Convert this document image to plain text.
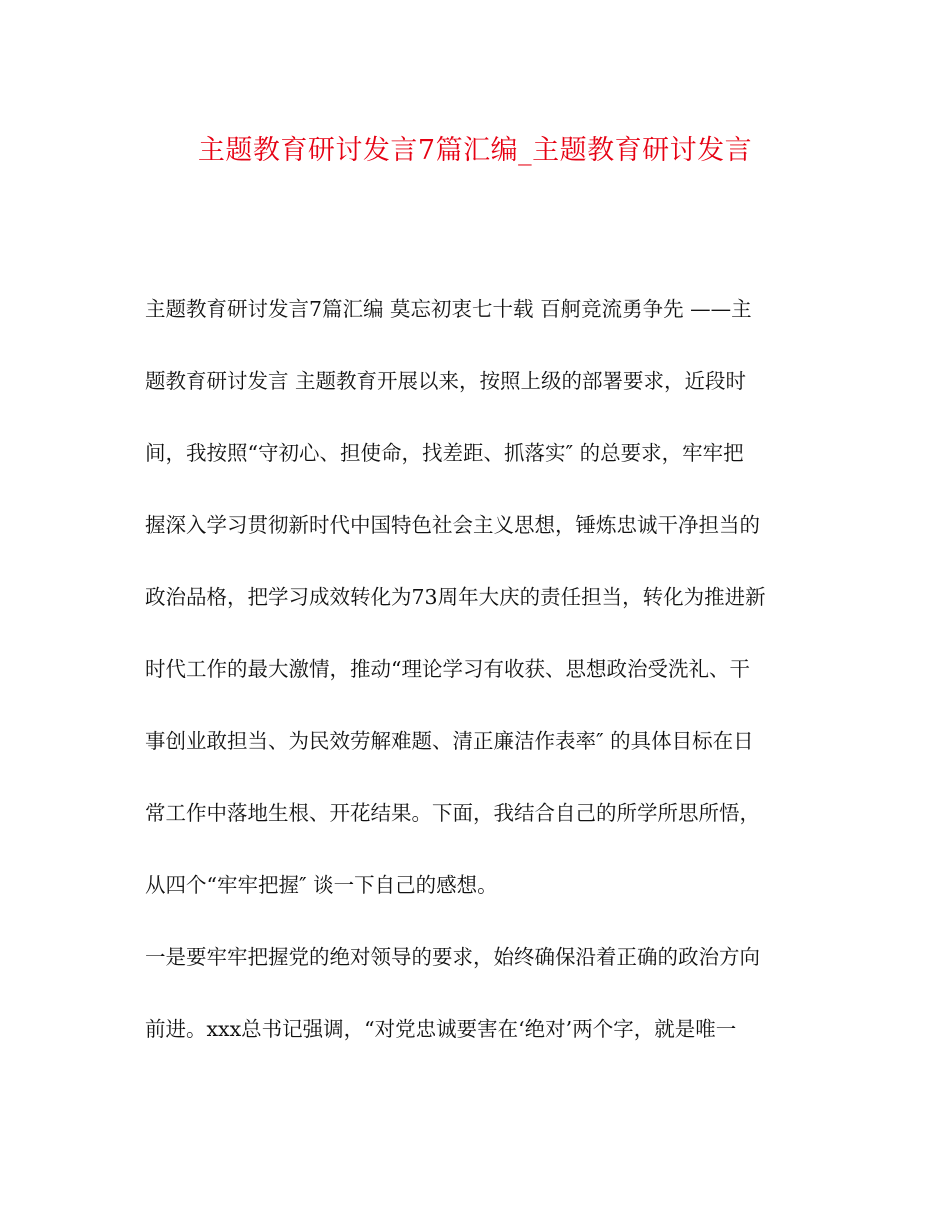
主题教育研讨发言7篇汇编_主题教育研讨发言
主题教育研讨发言7篇汇编 莫忘初衷七十载 百舸竞流勇争先 ——主
题教育研讨发言 主题教育开展以来，按照上级的部署要求，近段时
间，我按照“守初心、担使命，找差距、抓落实″ 的总要求，牢牢把
握深入学习贯彻新时代中国特色社会主义思想，锤炼忠诚干净担当的
政治品格，把学习成效转化为73周年大庆的责任担当，转化为推进新
时代工作的最大激情，推动“理论学习有收获、思想政治受洗礼、干
事创业敢担当、为民效劳解难题、清正廉洁作表率″ 的具体目标在日
常工作中落地生根、开花结果。下面，我结合自己的所学所思所悟，
从四个“牢牢把握″ 谈一下自己的感想。
一是要牢牢把握党的绝对领导的要求，始终确保沿着正确的政治方向
前进。xxx总书记强调，“对党忠诚要害在‘绝对’两个字，就是唯一
